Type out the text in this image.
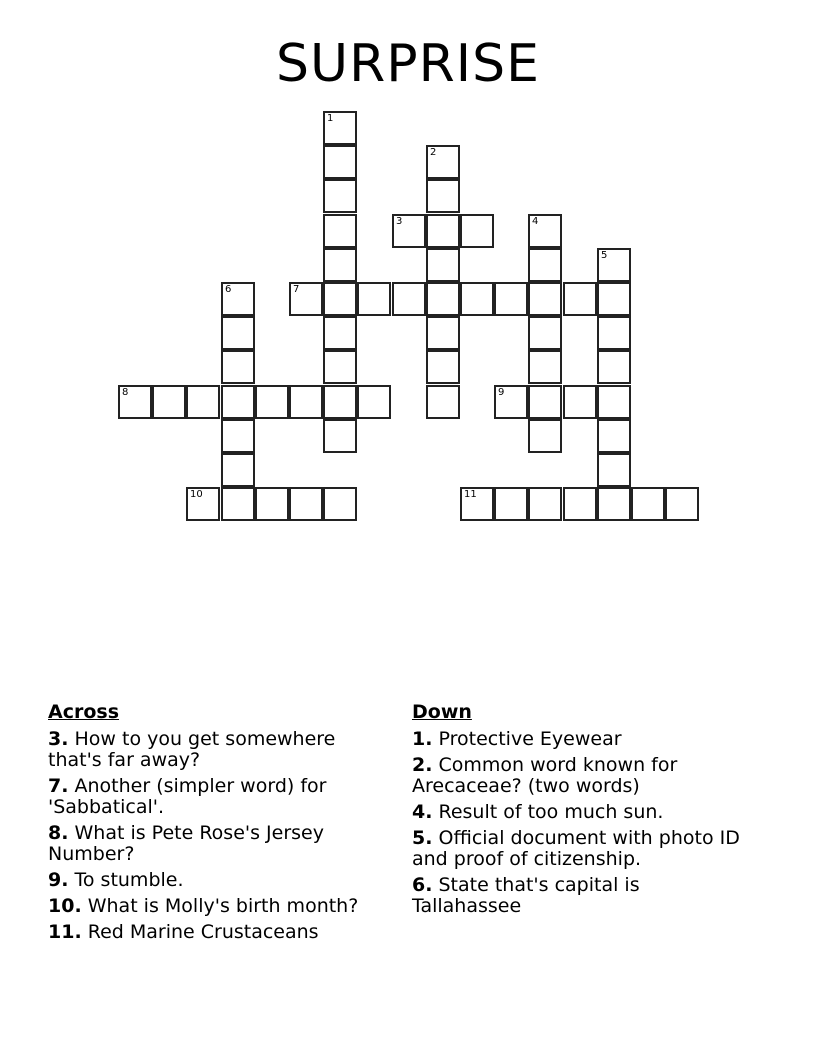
SURPRISE
3
7
8	9
10	11
1
2
4
5
6
Across
3. How to you get somewhere that's far away?
7. Another (simpler word) for 'Sabbatical'.
8. What is Pete Rose's Jersey Number?
9. To stumble.
10. What is Molly's birth month?
11. Red Marine Crustaceans
Down
1. Protective Eyewear
2. Common word known for Arecaceae? (two words)
4. Result of too much sun.
5. Official document with photo ID and proof of citizenship.
6. State that's capital is Tallahassee
